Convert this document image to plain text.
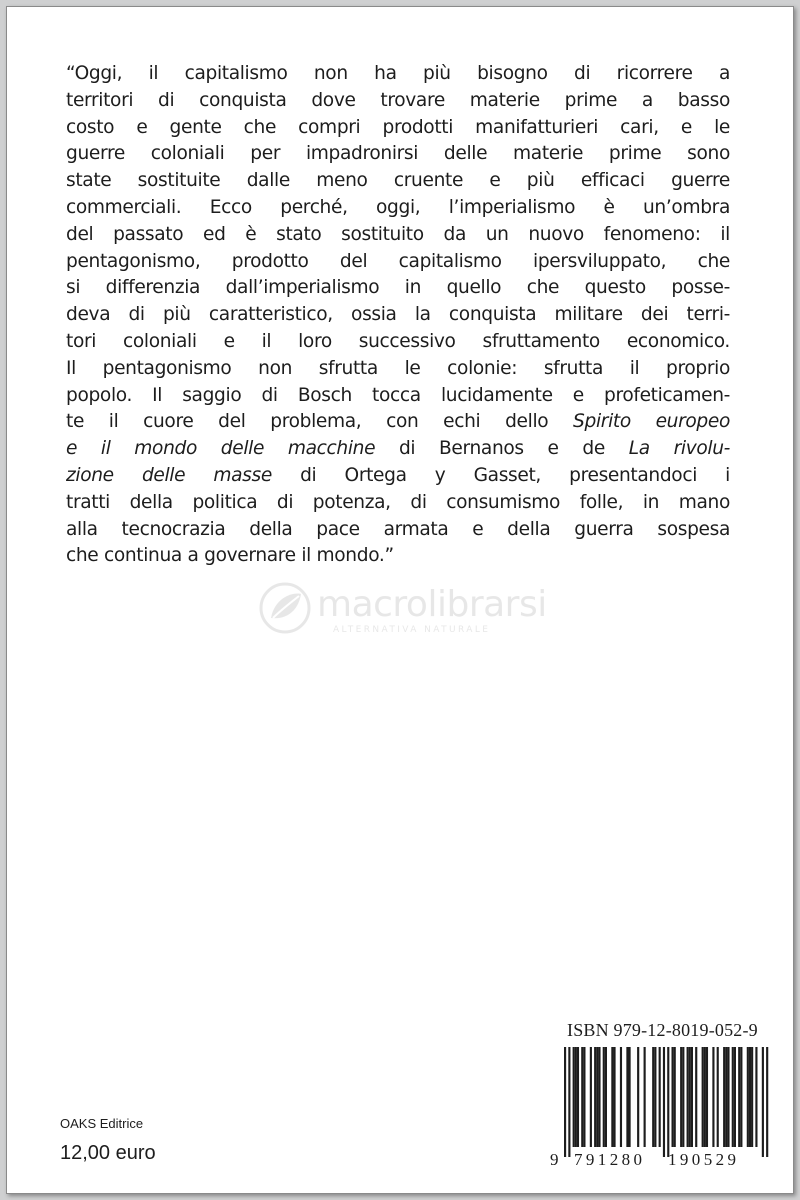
“Oggi, il capitalismo non ha più bisogno di ricorrere a
territori di conquista dove trovare materie prime a basso
costo e gente che compri prodotti manifatturieri cari, e le
guerre coloniali per impadronirsi delle materie prime sono
state sostituite dalle meno cruente e più efficaci guerre
commerciali. Ecco perché, oggi, l’imperialismo è un’ombra
del passato ed è stato sostituito da un nuovo fenomeno: il
pentagonismo, prodotto del capitalismo ipersviluppato, che
si differenzia dall’imperialismo in quello che questo posse-
deva di più caratteristico, ossia la conquista militare dei terri-
tori coloniali e il loro successivo sfruttamento economico.
Il pentagonismo non sfrutta le colonie: sfrutta il proprio
popolo. Il saggio di Bosch tocca lucidamente e profeticamen-
te il cuore del problema, con echi dello Spirito europeo
e il mondo delle macchine di Bernanos e de La rivolu-
zione delle masse di Ortega y Gasset, presentandoci i
tratti della politica di potenza, di consumismo folle, in mano
alla tecnocrazia della pace armata e della guerra sospesa
che continua a governare il mondo.”

macrolibrarsi
ALTERNATIVA NATURALE
ISBN 979-12-8019-052-9
9 791280 190529
OAKS Editrice
12,00 euro
